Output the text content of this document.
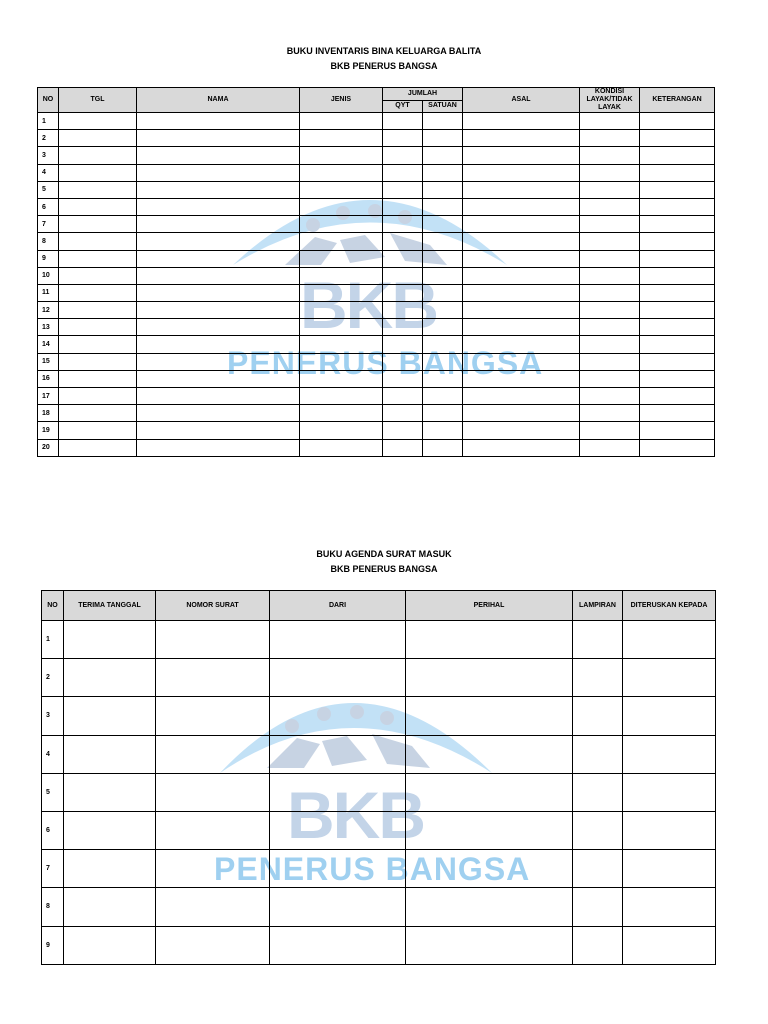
BKB
PENERUS BANGSA
BKB
PENERUS BANGSA
BUKU INVENTARIS BINA KELUARGA BALITA
BKB PENERUS BANGSA
NO	TGL	NAMA	JENIS	JUMLAH		ASAL	KONDISI LAYAK/TIDAK LAYAK	KETERANGAN
				QYT	SATUAN			
1								
2								
3								
4								
5								
6								
7								
8								
9								
10								
11								
12								
13								
14								
15								
16								
17								
18								
19								
20								
BUKU AGENDA SURAT MASUK
BKB PENERUS BANGSA
NO	TERIMA TANGGAL	NOMOR SURAT	DARI	PERIHAL	LAMPIRAN	DITERUSKAN KEPADA
1						
2						
3						
4						
5						
6						
7						
8						
9						
